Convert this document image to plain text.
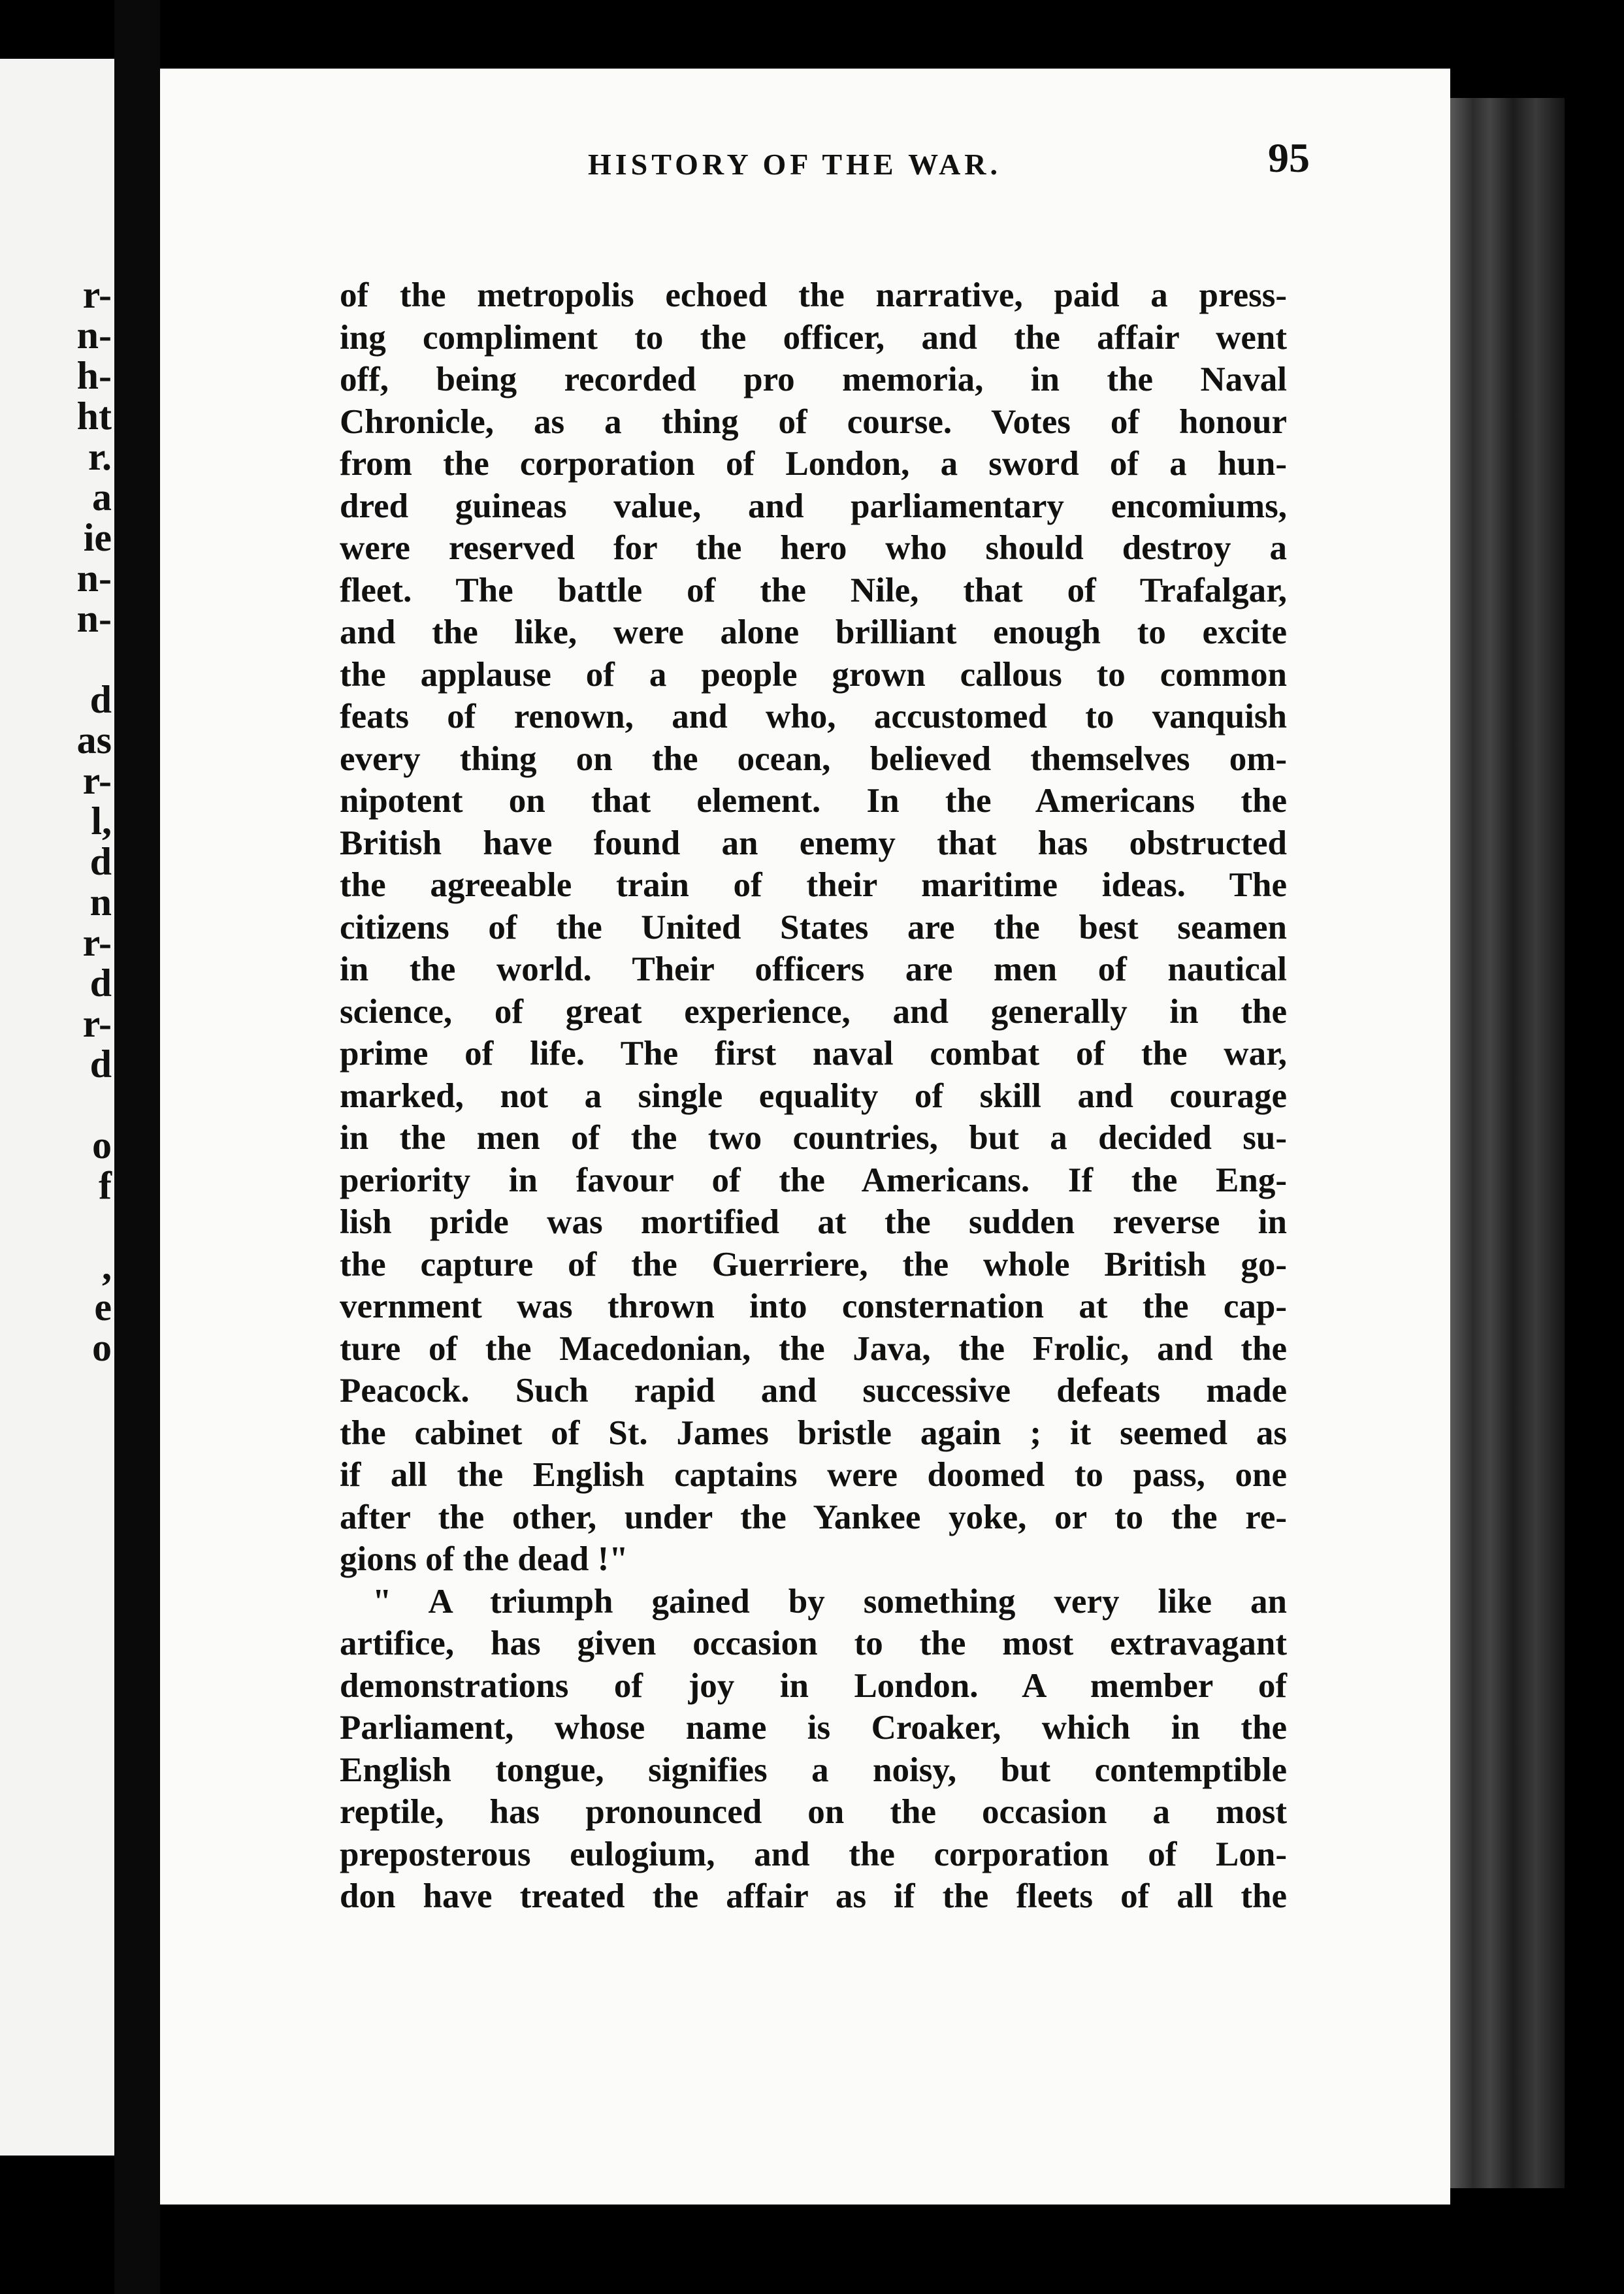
r-
n-
h-
ht
r.
a
ie
n-
n-
d
as
r-
l,
d
n
r-
d
r-
d
o
f
,
e
o
HISTORY OF THE WAR.	95
of the metropolis echoed the narrative, paid a press-
ing compliment to the officer, and the affair went
off, being recorded pro memoria, in the Naval
Chronicle, as a thing of course. Votes of honour
from the corporation of London, a sword of a hun-
dred guineas value, and parliamentary encomiums,
were reserved for the hero who should destroy a
fleet. The battle of the Nile, that of Trafalgar,
and the like, were alone brilliant enough to excite
the applause of a people grown callous to common
feats of renown, and who, accustomed to vanquish
every thing on the ocean, believed themselves om-
nipotent on that element. In the Americans the
British have found an enemy that has obstructed
the agreeable train of their maritime ideas. The
citizens of the United States are the best seamen
in the world. Their officers are men of nautical
science, of great experience, and generally in the
prime of life. The first naval combat of the war,
marked, not a single equality of skill and courage
in the men of the two countries, but a decided su-
periority in favour of the Americans. If the Eng-
lish pride was mortified at the sudden reverse in
the capture of the Guerriere, the whole British go-
vernment was thrown into consternation at the cap-
ture of the Macedonian, the Java, the Frolic, and the
Peacock. Such rapid and successive defeats made
the cabinet of St. James bristle again ; it seemed as
if all the English captains were doomed to pass, one
after the other, under the Yankee yoke, or to the re-
gions of the dead !"
" A triumph gained by something very like an
artifice, has given occasion to the most extravagant
demonstrations of joy in London. A member of
Parliament, whose name is Croaker, which in the
English tongue, signifies a noisy, but contemptible
reptile, has pronounced on the occasion a most
preposterous eulogium, and the corporation of Lon-
don have treated the affair as if the fleets of all the
